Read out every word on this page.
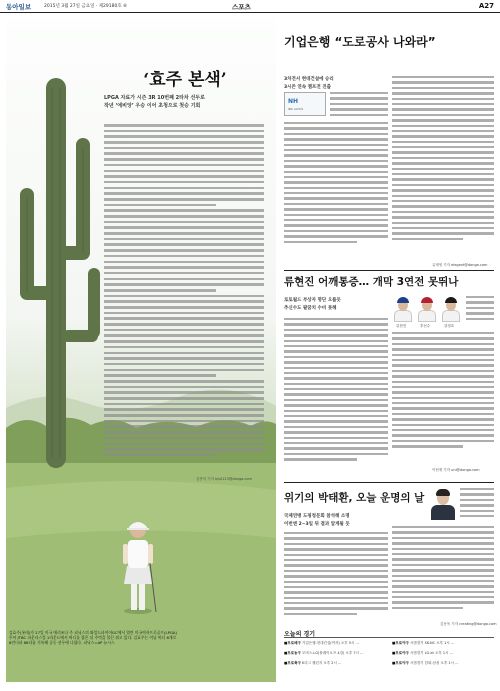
동아일보	2015년 3월 27일 금요일 · 제29180호 ⑥	스포츠	A27
‘효주 본색’
LPGA 자료가 시즌 3R 10번째 2타차 선두로
작년 ‘에비앙’ 우승 이어 초청으로 첫승 기회
김종석 기자 kjs0123@donga.com
김효주(롯데)가 27일 미국 애리조나 주 피닉스의 와일드파이어GC에서 열린 미국여자프로골프(LPGA)투어 JTBC 파운더스컵 1라운드에서 버디를 잡은 뒤 주먹을 불끈 쥐고 있다. 김효주는 이날 버디 6개로 6언더파 66타를 기록해 공동 선두에 나섰다. 피닉스=AP 뉴시스
기업은행 “도로공사 나와라”
3차전서 현대건설에 승리
3시즌 연속 챔프전 진출
NH
IBK ALTOS
유재영 기자 elegant@donga.com
류현진 어깨통증… 개막 3연전 못뛰나
로토월드 부상자 명단 오를듯
추신수도 팔꿈치 수비 못해
류현진	추신수	강정호
이헌재 기자 uni@donga.com
위기의 박태환, 오늘 운명의 날
국제연맹 도핑청문회 참석해 소명
이번엔 2~3일 뒤 결과 알게될 듯
김동욱 기자 creating@donga.com
오늘의 경기
■프로배구 기업은행-현대건설(여자) 오후 5시 ...
■프로농구 모비스-LG(플레이오프 4강) 오후 7시 ...
■프로축구 K리그 챌린지 오후 2시 ...
■프로야구 시범경기 SK-NC 오후 1시 ...
■프로야구 시범경기 LG-kt 오후 1시 ...
■프로야구 시범경기 한화-삼성 오후 1시 ...
